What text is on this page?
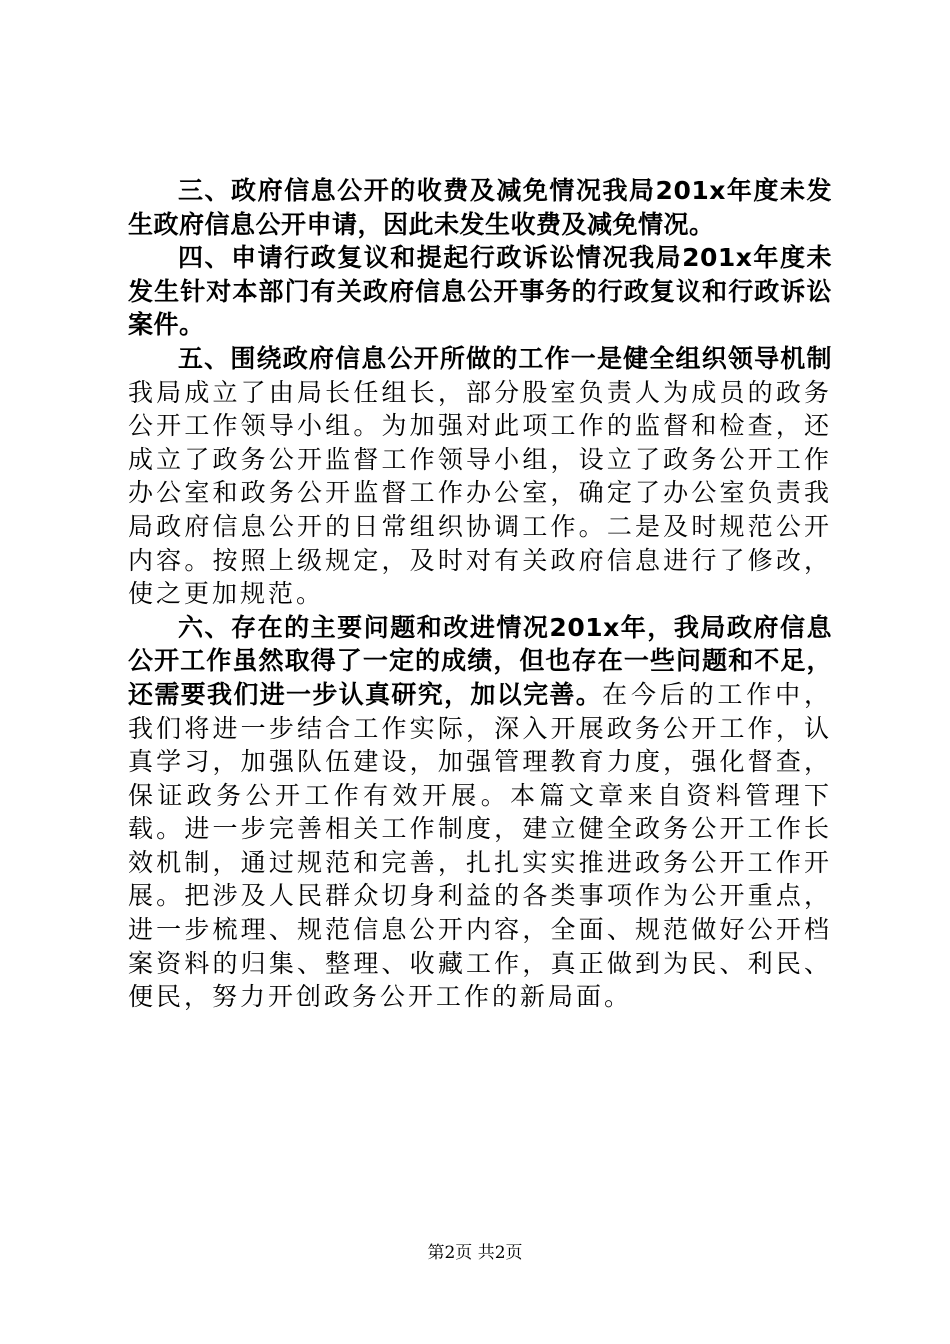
三、政府信息公开的收费及减免情况我局201x年度未发生政府信息公开申请，因此未发生收费及减免情况。

四、申请行政复议和提起行政诉讼情况我局201x年度未发生针对本部门有关政府信息公开事务的行政复议和行政诉讼案件。

五、围绕政府信息公开所做的工作一是健全组织领导机制我局成立了由局长任组长，部分股室负责人为成员的政务公开工作领导小组。为加强对此项工作的监督和检查，还成立了政务公开监督工作领导小组，设立了政务公开工作办公室和政务公开监督工作办公室，确定了办公室负责我局政府信息公开的日常组织协调工作。二是及时规范公开内容。按照上级规定，及时对有关政府信息进行了修改，使之更加规范。

六、存在的主要问题和改进情况201x年，我局政府信息公开工作虽然取得了一定的成绩，但也存在一些问题和不足，还需要我们进一步认真研究，加以完善。在今后的工作中，我们将进一步结合工作实际，深入开展政务公开工作，认真学习，加强队伍建设，加强管理教育力度，强化督查，保证政务公开工作有效开展。本篇文章来自资料管理下载。进一步完善相关工作制度，建立健全政务公开工作长效机制，通过规范和完善，扎扎实实推进政务公开工作开展。把涉及人民群众切身利益的各类事项作为公开重点，进一步梳理、规范信息公开内容，全面、规范做好公开档案资料的归集、整理、收藏工作，真正做到为民、利民、便民，努力开创政务公开工作的新局面。

第2页 共2页
